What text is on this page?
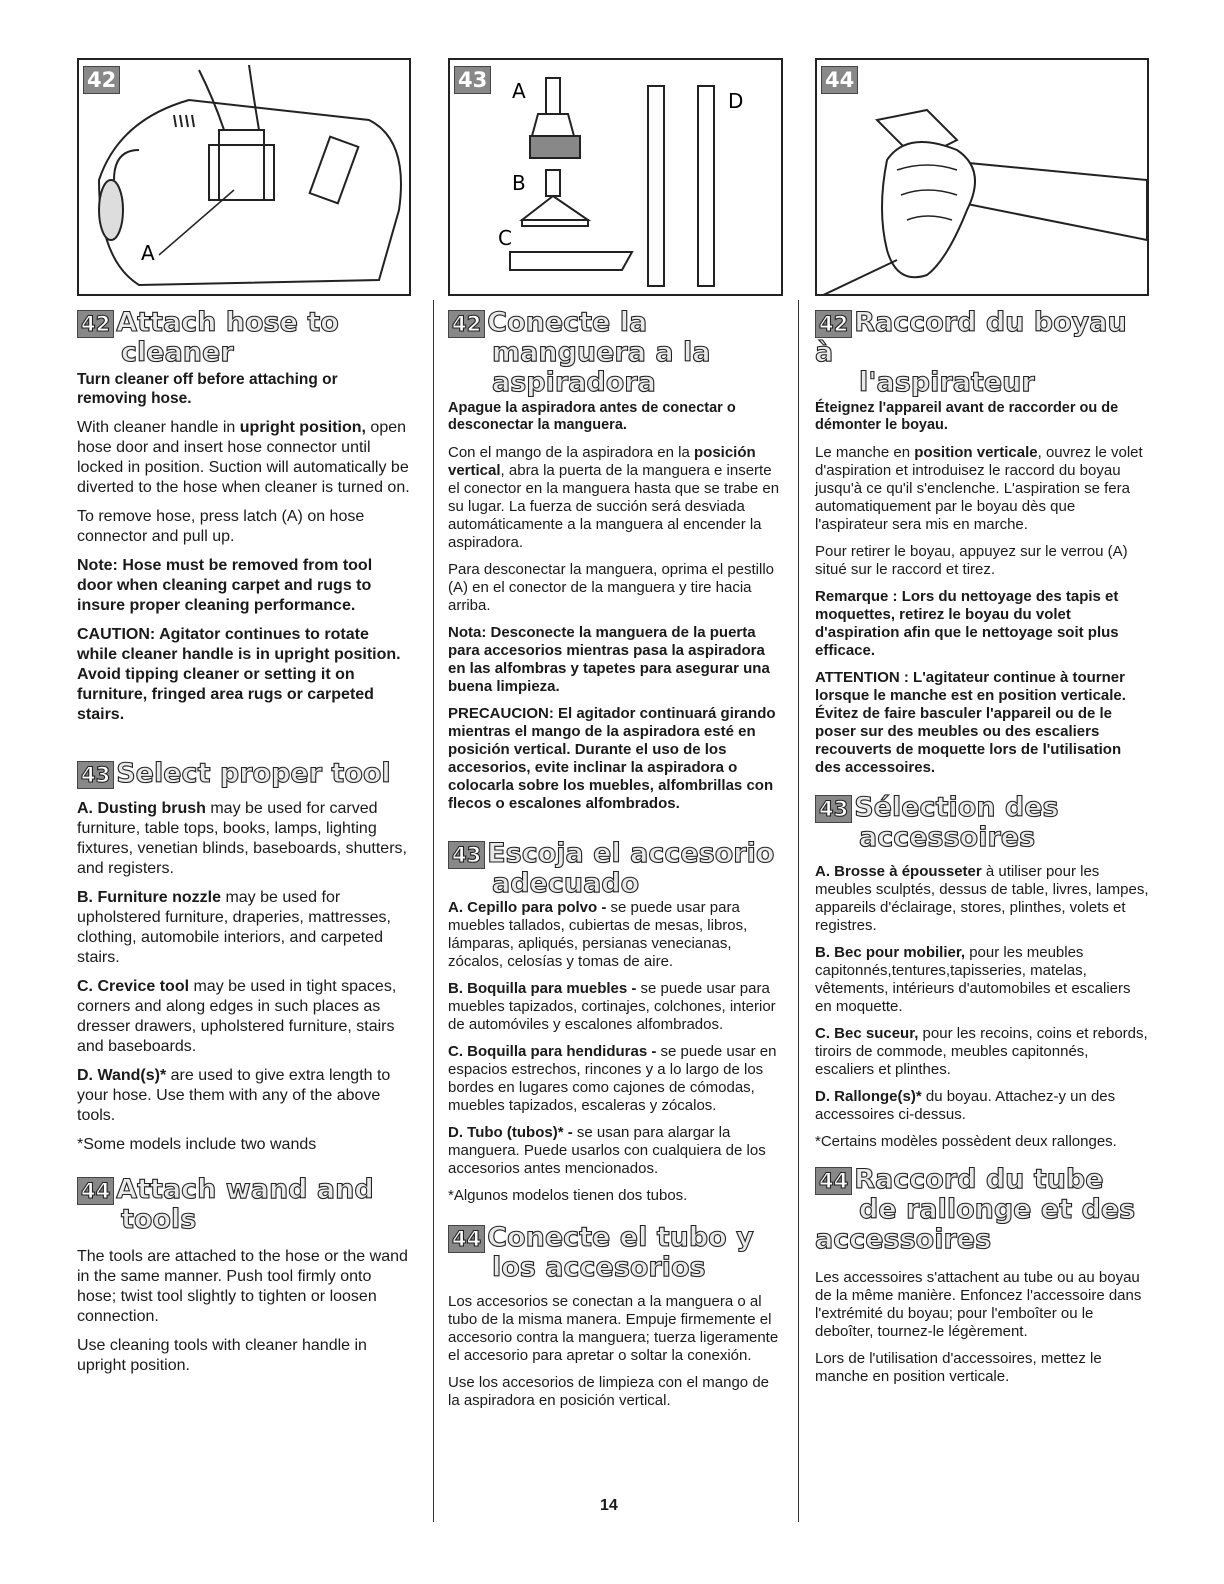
42
A
42 Attach hose to
cleaner
Turn cleaner off before attaching or removing hose.

With cleaner handle in upright position, open hose door and insert hose connector until locked in position. Suction will automatically be diverted to the hose when cleaner is turned on.

To remove hose, press latch (A) on hose connector and pull up.

Note: Hose must be removed from tool door when cleaning carpet and rugs to insure proper cleaning performance.

CAUTION: Agitator continues to rotate while cleaner handle is in upright position. Avoid tipping cleaner or setting it on furniture, fringed area rugs or carpeted stairs.

43 Select proper tool

A. Dusting brush may be used for carved furniture, table tops, books, lamps, lighting fixtures, venetian blinds, baseboards, shutters, and registers.

B. Furniture nozzle may be used for upholstered furniture, draperies, mattresses, clothing, automobile interiors, and carpeted stairs.

C. Crevice tool may be used in tight spaces, corners and along edges in such places as dresser drawers, upholstered furniture, stairs and baseboards.

D. Wand(s)* are used to give extra length to your hose. Use them with any of the above tools.

*Some models include two wands

44 Attach wand and
tools

The tools are attached to the hose or the wand in the same manner. Push tool firmly onto hose; twist tool slightly to tighten or loosen connection.

Use cleaning tools with cleaner handle in upright position.

43 A
B
C
D
42 Conecte la
manguera a la
aspiradora
Apague la aspiradora antes de conectar o desconectar la manguera.

Con el mango de la aspiradora en la posición vertical, abra la puerta de la manguera e inserte el conector en la manguera hasta que se trabe en su lugar. La fuerza de succión será desviada automáticamente a la manguera al encender la aspiradora.

Para desconectar la manguera, oprima el pestillo (A) en el conector de la manguera y tire hacia arriba.

Nota: Desconecte la manguera de la puerta para accesorios mientras pasa la aspiradora en las alfombras y tapetes para asegurar una buena limpieza.

PRECAUCION: El agitador continuará girando mientras el mango de la aspiradora esté en posición vertical. Durante el uso de los accesorios, evite inclinar la aspiradora o colocarla sobre los muebles, alfombrillas con flecos o escalones alfombrados.

43 Escoja el accesorio
adecuado

A. Cepillo para polvo - se puede usar para muebles tallados, cubiertas de mesas, libros, lámparas, apliqués, persianas venecianas, zócalos, celosías y tomas de aire.

B. Boquilla para muebles - se puede usar para muebles tapizados, cortinajes, colchones, interior de automóviles y escalones alfombrados.

C. Boquilla para hendiduras - se puede usar en espacios estrechos, rincones y a lo largo de los bordes en lugares como cajones de cómodas, muebles tapizados, escaleras y zócalos.

D. Tubo (tubos)* - se usan para alargar la manguera. Puede usarlos con cualquiera de los accesorios antes mencionados.

*Algunos modelos tienen dos tubos.

44 Conecte el tubo y
los accesorios

Los accesorios se conectan a la manguera o al tubo de la misma manera. Empuje firmemente el accesorio contra la manguera; tuerza ligeramente el accesorio para apretar o soltar la conexión.

Use los accesorios de limpieza con el mango de la aspiradora en posición vertical.

44
42 Raccord du boyau à
l'aspirateur
Éteignez l'appareil avant de raccorder ou de démonter le boyau.

Le manche en position verticale, ouvrez le volet d'aspiration et introduisez le raccord du boyau jusqu'à ce qu'il s'enclenche. L'aspiration se fera automatiquement par le boyau dès que l'aspirateur sera mis en marche.

Pour retirer le boyau, appuyez sur le verrou (A) situé sur le raccord et tirez.

Remarque : Lors du nettoyage des tapis et moquettes, retirez le boyau du volet d'aspiration afin que le nettoyage soit plus efficace.

ATTENTION : L'agitateur continue à tourner lorsque le manche est en position verticale. Évitez de faire basculer l'appareil ou de le poser sur des meubles ou des escaliers recouverts de moquette lors de l'utilisation des accessoires.

43 Sélection des
accessoires

A. Brosse à épousseter à utiliser pour les meubles sculptés, dessus de table, livres, lampes, appareils d'éclairage, stores, plinthes, volets et registres.

B. Bec pour mobilier, pour les meubles capitonnés,tentures,tapisseries, matelas, vêtements, intérieurs d'automobiles et escaliers en moquette.

C. Bec suceur, pour les recoins, coins et rebords, tiroirs de commode, meubles capitonnés, escaliers et plinthes.

D. Rallonge(s)* du boyau. Attachez-y un des accessoires ci-dessus.

*Certains modèles possèdent deux rallonges.

44 Raccord du tube
de rallonge et des
accessoires

Les accessoires s'attachent au tube ou au boyau de la même manière. Enfoncez l'accessoire dans l'extrémité du boyau; pour l'emboîter ou le deboîter, tournez-le légèrement.

Lors de l'utilisation d'accessoires, mettez le manche en position verticale.

14
